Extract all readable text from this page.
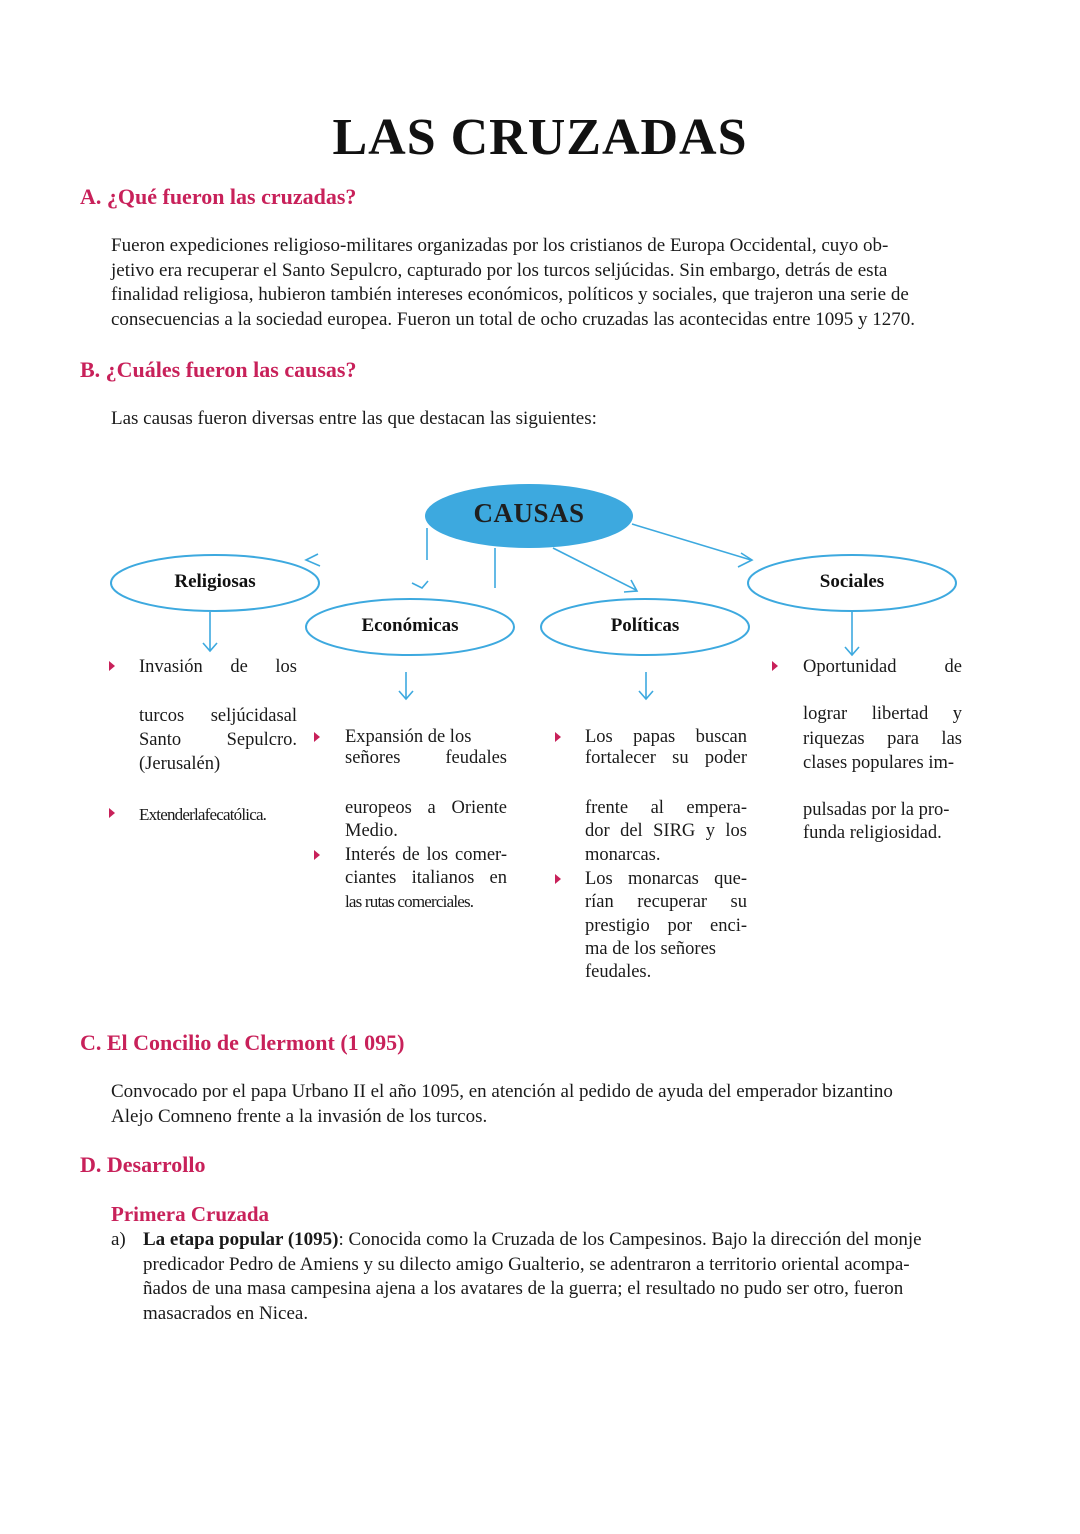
LAS CRUZADAS
A. ¿Qué fueron las cruzadas?
Fueron expediciones religioso-militares organizadas por los cristianos de Europa Occidental, cuyo ob-
jetivo era recuperar el Santo Sepulcro, capturado por los turcos seljúcidas. Sin embargo, detrás de esta
finalidad religiosa, hubieron también intereses económicos, políticos y sociales, que trajeron una serie de
consecuencias a la sociedad europea. Fueron un total de ocho cruzadas las acontecidas entre 1095 y 1270.
B. ¿Cuáles fueron las causas?
Las causas fueron diversas entre las que destacan las siguientes:
CAUSAS
Religiosas
Económicas	Políticas
Sociales
Invasión de los
turcos seljúcidasal
Santo Sepulcro.
(Jerusalén)
Extenderlafecatólica.
Expansión de los
señores feudales
europeos a Oriente
Medio.
Interés de los comer-
ciantes italianos en
las rutas comerciales.
Los papas buscan
fortalecer su poder
frente al empera-
dor del SIRG y los
monarcas.
Los monarcas que-
rían recuperar su
prestigio por enci-
ma de los señores
feudales.
Oportunidad de
lograr libertad y
riquezas para las
clases populares im-
pulsadas por la pro-
funda religiosidad.
C. El Concilio de Clermont (1 095)
Convocado por el papa Urbano II el año 1095, en atención al pedido de ayuda del emperador bizantino
Alejo Comneno frente a la invasión de los turcos.
D. Desarrollo
Primera Cruzada
a) La etapa popular (1095): Conocida como la Cruzada de los Campesinos. Bajo la dirección del monje
predicador Pedro de Amiens y su dilecto amigo Gualterio, se adentraron a territorio oriental acompa-
ñados de una masa campesina ajena a los avatares de la guerra; el resultado no pudo ser otro, fueron
masacrados en Nicea.
